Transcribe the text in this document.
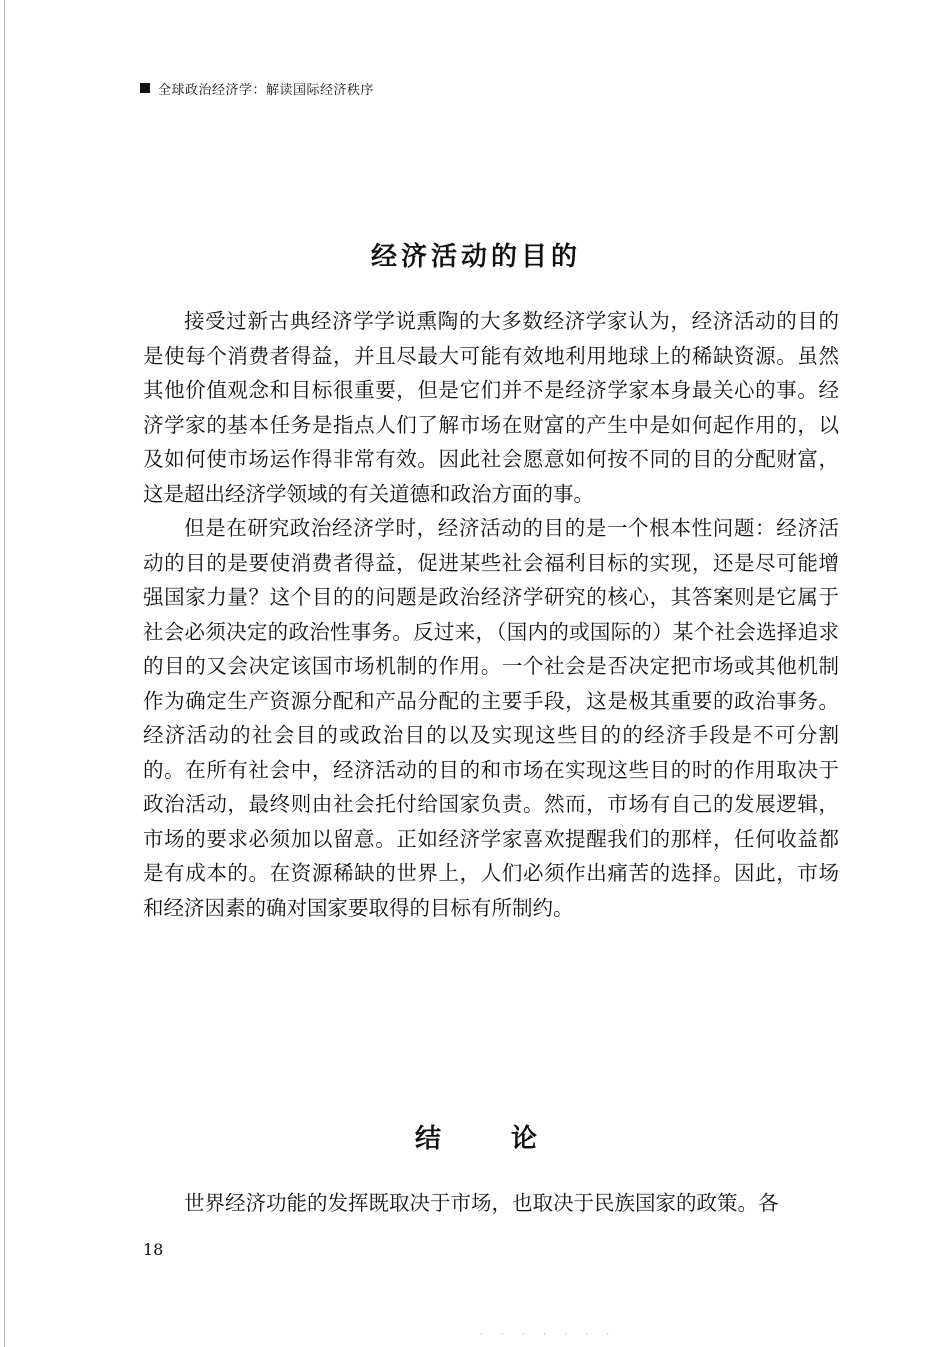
全球政治经济学：解读国际经济秩序
经济活动的目的

接受过新古典经济学学说熏陶的大多数经济学家认为，经济活动的目的是使每个消费者得益，并且尽最大可能有效地利用地球上的稀缺资源。虽然其他价值观念和目标很重要，但是它们并不是经济学家本身最关心的事。经济学家的基本任务是指点人们了解市场在财富的产生中是如何起作用的，以及如何使市场运作得非常有效。因此社会愿意如何按不同的目的分配财富，这是超出经济学领域的有关道德和政治方面的事。

但是在研究政治经济学时，经济活动的目的是一个根本性问题：经济活动的目的是要使消费者得益，促进某些社会福利目标的实现，还是尽可能增强国家力量？这个目的的问题是政治经济学研究的核心，其答案则是它属于社会必须决定的政治性事务。反过来，（国内的或国际的）某个社会选择追求的目的又会决定该国市场机制的作用。一个社会是否决定把市场或其他机制作为确定生产资源分配和产品分配的主要手段，这是极其重要的政治事务。经济活动的社会目的或政治目的以及实现这些目的的经济手段是不可分割的。在所有社会中，经济活动的目的和市场在实现这些目的时的作用取决于政治活动，最终则由社会托付给国家负责。然而，市场有自己的发展逻辑，市场的要求必须加以留意。正如经济学家喜欢提醒我们的那样，任何收益都是有成本的。在资源稀缺的世界上，人们必须作出痛苦的选择。因此，市场和经济因素的确对国家要取得的目标有所制约。

结	论

世界经济功能的发挥既取决于市场，也取决于民族国家的政策。各

18
· · · · · · ·
